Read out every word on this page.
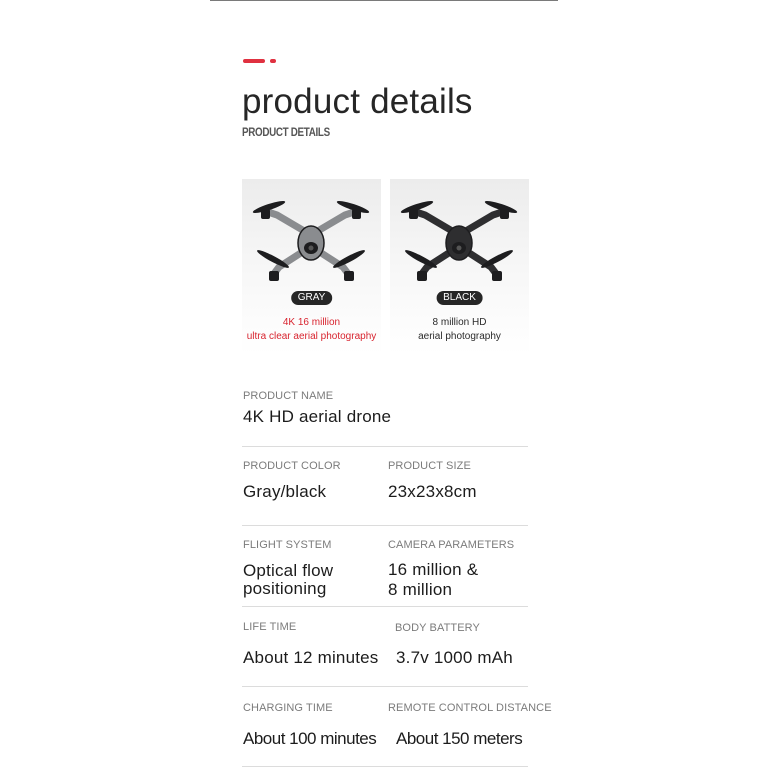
product details
PRODUCT DETAILS
GRAY
4K 16 million
ultra clear aerial photography
BLACK
8 million HD
aerial photography
PRODUCT NAME
4K HD aerial drone
PRODUCT COLOR
Gray/black
PRODUCT SIZE
23x23x8cm
FLIGHT SYSTEM
Optical flow
positioning
CAMERA PARAMETERS
16 million &
8 million
LIFE TIME
About 12 minutes
BODY BATTERY
3.7v 1000 mAh
CHARGING TIME
About 100 minutes
REMOTE CONTROL DISTANCE
About 150 meters
